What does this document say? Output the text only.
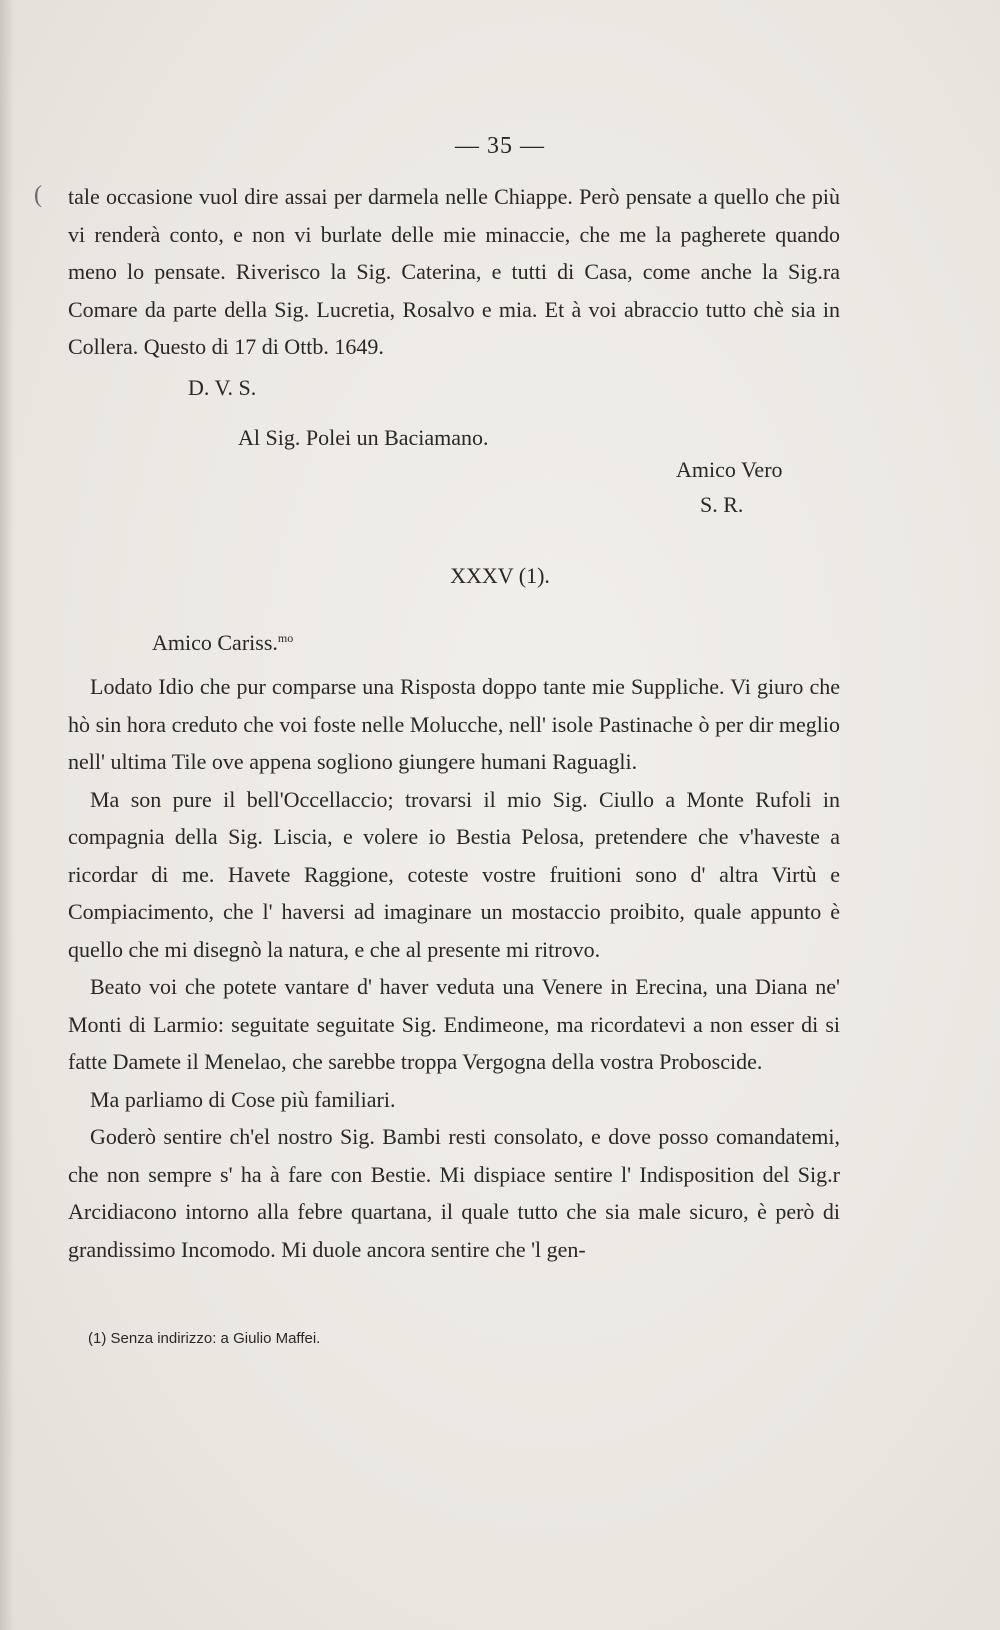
(
— 35 —

tale occasione vuol dire assai per darmela nelle Chiappe. Però pensate a quello che più vi renderà conto, e non vi burlate delle mie minaccie, che me la pagherete quando meno lo pensate. Riverisco la Sig. Caterina, e tutti di Casa, come anche la Sig.ra Comare da parte della Sig. Lucretia, Rosalvo e mia. Et à voi abraccio tutto chè sia in Collera. Questo di 17 di Ottb. 1649.

D. V. S.
Al Sig. Polei un Baciamano.
Amico Vero
S. R.
XXXV (1).
Amico Cariss.$^{mo}$

Lodato Idio che pur comparse una Risposta doppo tante mie Suppliche. Vi giuro che hò sin hora creduto che voi foste nelle Molucche, nell' isole Pastinache ò per dir meglio nell' ultima Tile ove appena sogliono giungere humani Raguagli.

Ma son pure il bell'Occellaccio; trovarsi il mio Sig. Ciullo a Monte Rufoli in compagnia della Sig. Liscia, e volere io Bestia Pelosa, pretendere che v'haveste a ricordar di me. Havete Raggione, coteste vostre fruitioni sono d' altra Virtù e Compiacimento, che l' haversi ad imaginare un mostaccio proibito, quale appunto è quello che mi disegnò la natura, e che al presente mi ritrovo.

Beato voi che potete vantare d' haver veduta una Venere in Erecina, una Diana ne' Monti di Larmio: seguitate seguitate Sig. Endimeone, ma ricordatevi a non esser di si fatte Damete il Menelao, che sarebbe troppa Vergogna della vostra Proboscide.

Ma parliamo di Cose più familiari.

Goderò sentire ch'el nostro Sig. Bambi resti consolato, e dove posso comandatemi, che non sempre s' ha à fare con Bestie. Mi dispiace sentire l' Indisposition del Sig.r Arcidiacono intorno alla febre quartana, il quale tutto che sia male sicuro, è però di grandissimo Incomodo. Mi duole ancora sentire che 'l gen-

(1) Senza indirizzo: a Giulio Maffei.
